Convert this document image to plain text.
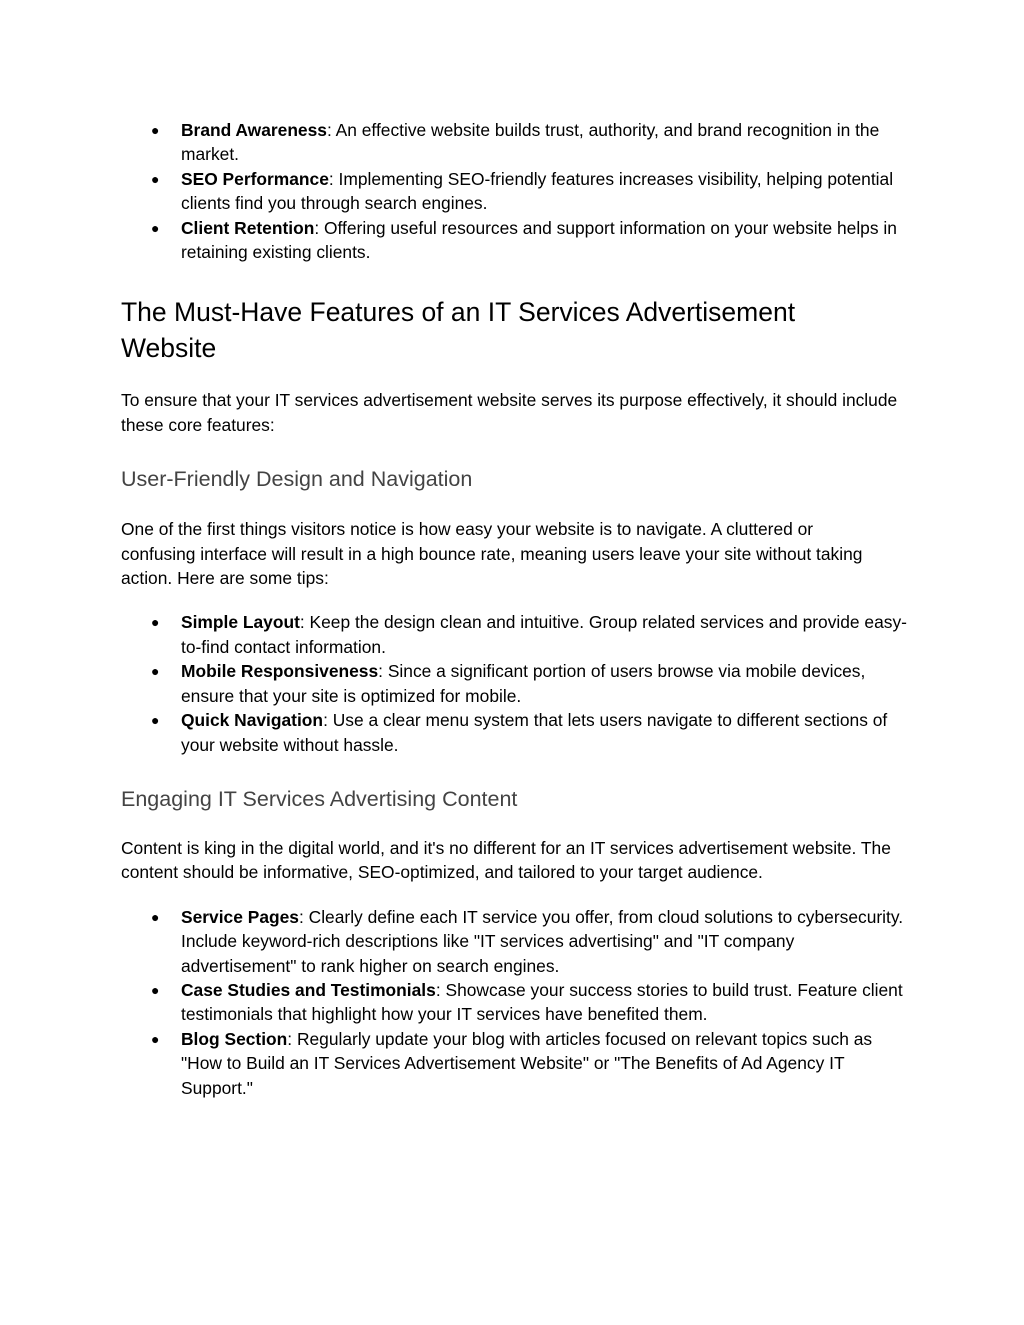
● Brand Awareness: An effective website builds trust, authority, and brand recognition in the market.
● SEO Performance: Implementing SEO-friendly features increases visibility, helping potential clients find you through search engines.
● Client Retention: Offering useful resources and support information on your website helps in retaining existing clients.
The Must-Have Features of an IT Services Advertisement Website

To ensure that your IT services advertisement website serves its purpose effectively, it should include these core features:

User-Friendly Design and Navigation

One of the first things visitors notice is how easy your website is to navigate. A cluttered or confusing interface will result in a high bounce rate, meaning users leave your site without taking action. Here are some tips:

● Simple Layout: Keep the design clean and intuitive. Group related services and provide easy-to-find contact information.
● Mobile Responsiveness: Since a significant portion of users browse via mobile devices, ensure that your site is optimized for mobile.
● Quick Navigation: Use a clear menu system that lets users navigate to different sections of your website without hassle.
Engaging IT Services Advertising Content

Content is king in the digital world, and it's no different for an IT services advertisement website. The content should be informative, SEO-optimized, and tailored to your target audience.

● Service Pages: Clearly define each IT service you offer, from cloud solutions to cybersecurity. Include keyword-rich descriptions like "IT services advertising" and "IT company advertisement" to rank higher on search engines.
● Case Studies and Testimonials: Showcase your success stories to build trust. Feature client testimonials that highlight how your IT services have benefited them.
● Blog Section: Regularly update your blog with articles focused on relevant topics such as "How to Build an IT Services Advertisement Website" or "The Benefits of Ad Agency IT Support."
